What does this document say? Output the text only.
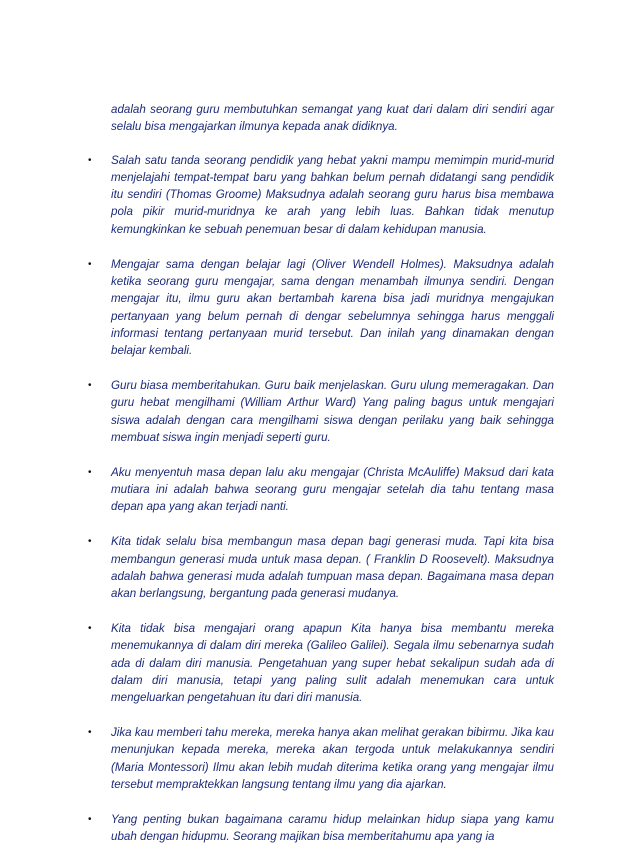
adalah seorang guru membutuhkan semangat yang kuat dari dalam diri sendiri agar selalu bisa mengajarkan ilmunya kepada anak didiknya.
•
Salah satu tanda seorang pendidik yang hebat yakni mampu memimpin murid-murid menjelajahi tempat-tempat baru yang bahkan belum pernah didatangi sang pendidik itu sendiri (Thomas Groome) Maksudnya adalah seorang guru harus bisa membawa pola pikir murid-muridnya ke arah yang lebih luas. Bahkan tidak menutup kemungkinkan ke sebuah penemuan besar di dalam kehidupan manusia.
•
Mengajar sama dengan belajar lagi (Oliver Wendell Holmes). Maksudnya adalah ketika seorang guru mengajar, sama dengan menambah ilmunya sendiri. Dengan mengajar itu, ilmu guru akan bertambah karena bisa jadi muridnya mengajukan pertanyaan yang belum pernah di dengar sebelumnya sehingga harus menggali informasi tentang pertanyaan murid tersebut. Dan inilah yang dinamakan dengan belajar kembali.
•
Guru biasa memberitahukan. Guru baik menjelaskan. Guru ulung memeragakan. Dan guru hebat mengilhami (William Arthur Ward) Yang paling bagus untuk mengajari siswa adalah dengan cara mengilhami siswa dengan perilaku yang baik sehingga membuat siswa ingin menjadi seperti guru.
•
Aku menyentuh masa depan lalu aku mengajar (Christa McAuliffe) Maksud dari kata mutiara ini adalah bahwa seorang guru mengajar setelah dia tahu tentang masa depan apa yang akan terjadi nanti.
•
Kita tidak selalu bisa membangun masa depan bagi generasi muda. Tapi kita bisa membangun generasi muda untuk masa depan. ( Franklin D Roosevelt). Maksudnya adalah bahwa generasi muda adalah tumpuan masa depan. Bagaimana masa depan akan berlangsung, bergantung pada generasi mudanya.
•
Kita tidak bisa mengajari orang apapun Kita hanya bisa membantu mereka menemukannya di dalam diri mereka (Galileo Galilei). Segala ilmu sebenarnya sudah ada di dalam diri manusia. Pengetahuan yang super hebat sekalipun sudah ada di dalam diri manusia, tetapi yang paling sulit adalah menemukan cara untuk mengeluarkan pengetahuan itu dari diri manusia.
•
Jika kau memberi tahu mereka, mereka hanya akan melihat gerakan bibirmu. Jika kau menunjukan kepada mereka, mereka akan tergoda untuk melakukannya sendiri (Maria Montessori) Ilmu akan lebih mudah diterima ketika orang yang mengajar ilmu tersebut mempraktekkan langsung tentang ilmu yang dia ajarkan.
•
Yang penting bukan bagaimana caramu hidup melainkan hidup siapa yang kamu ubah dengan hidupmu. Seorang majikan bisa memberitahumu apa yang ia
